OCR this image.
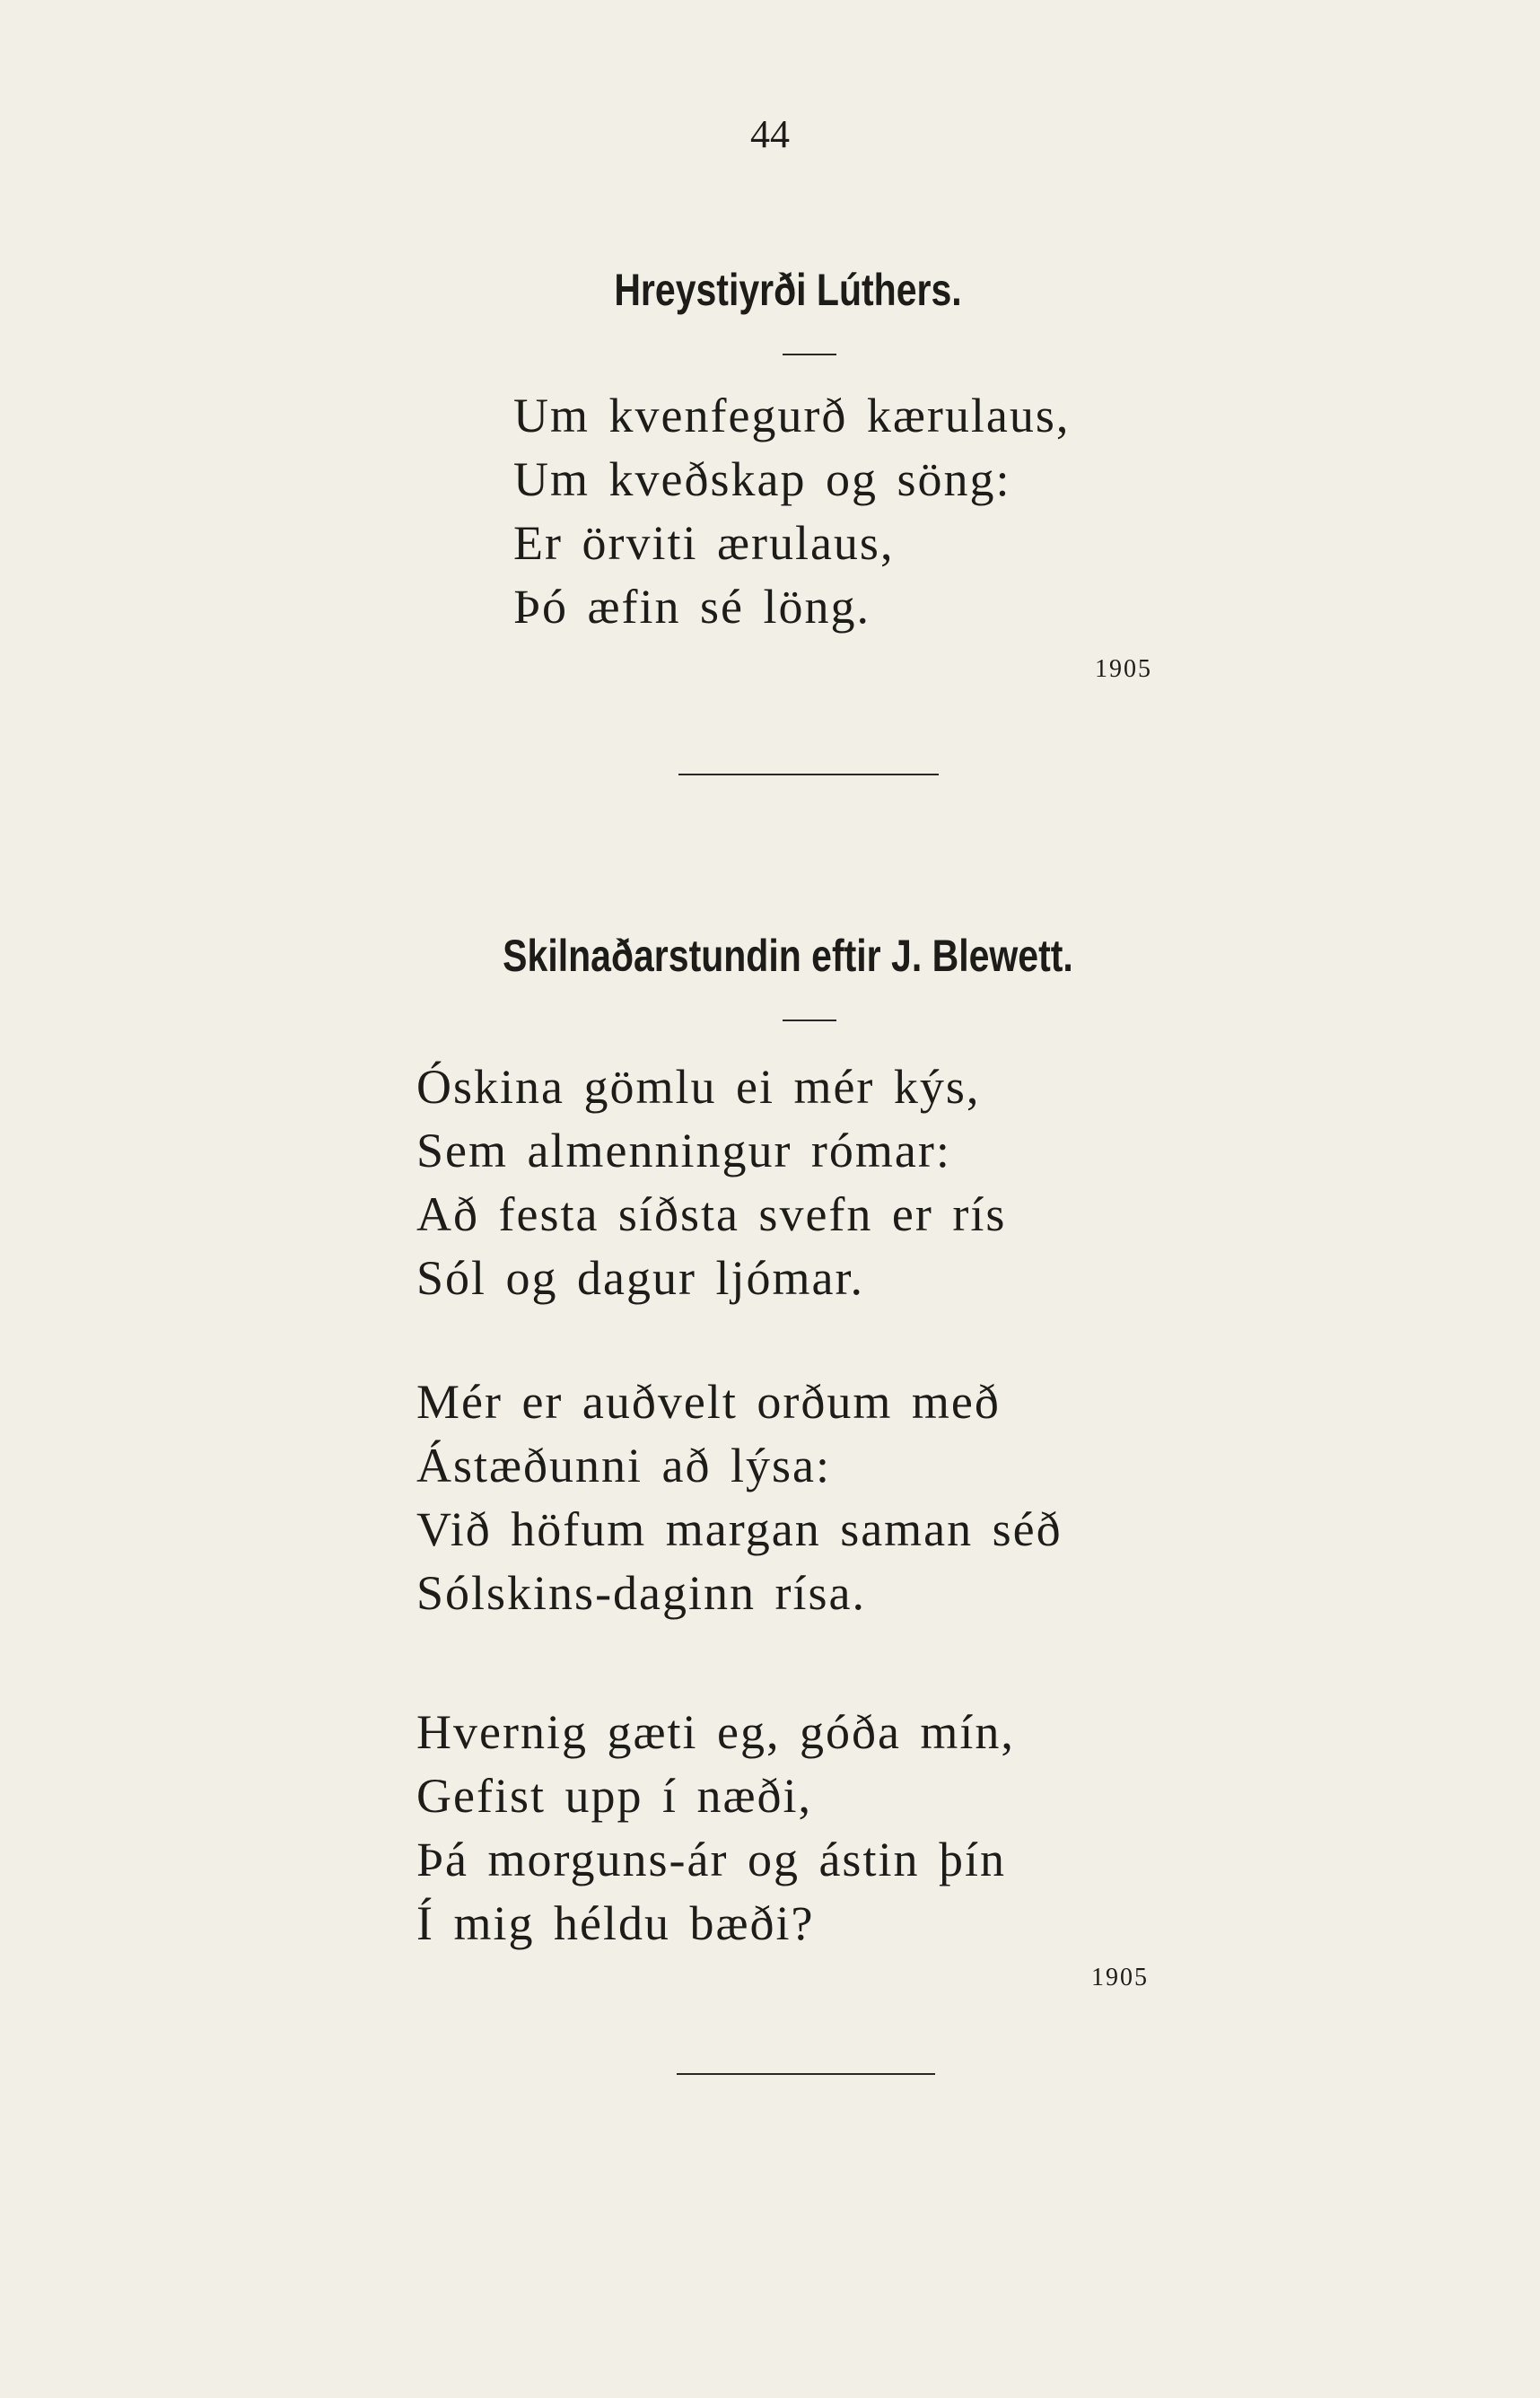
44
Hreystiyrði Lúthers.
Um kvenfegurð kærulaus,
Um kveðskap og söng:
Er örviti ærulaus,
Þó æfin sé löng.
1905
Skilnaðarstundin eftir J. Blewett.
Óskina gömlu ei mér kýs,
Sem almenningur rómar:
Að festa síðsta svefn er rís
Sól og dagur ljómar.
Mér er auðvelt orðum með
Ástæðunni að lýsa:
Við höfum margan saman séð
Sólskins-daginn rísa.
Hvernig gæti eg, góða mín,
Gefist upp í næði,
Þá morguns-ár og ástin þín
Í mig héldu bæði?
1905
